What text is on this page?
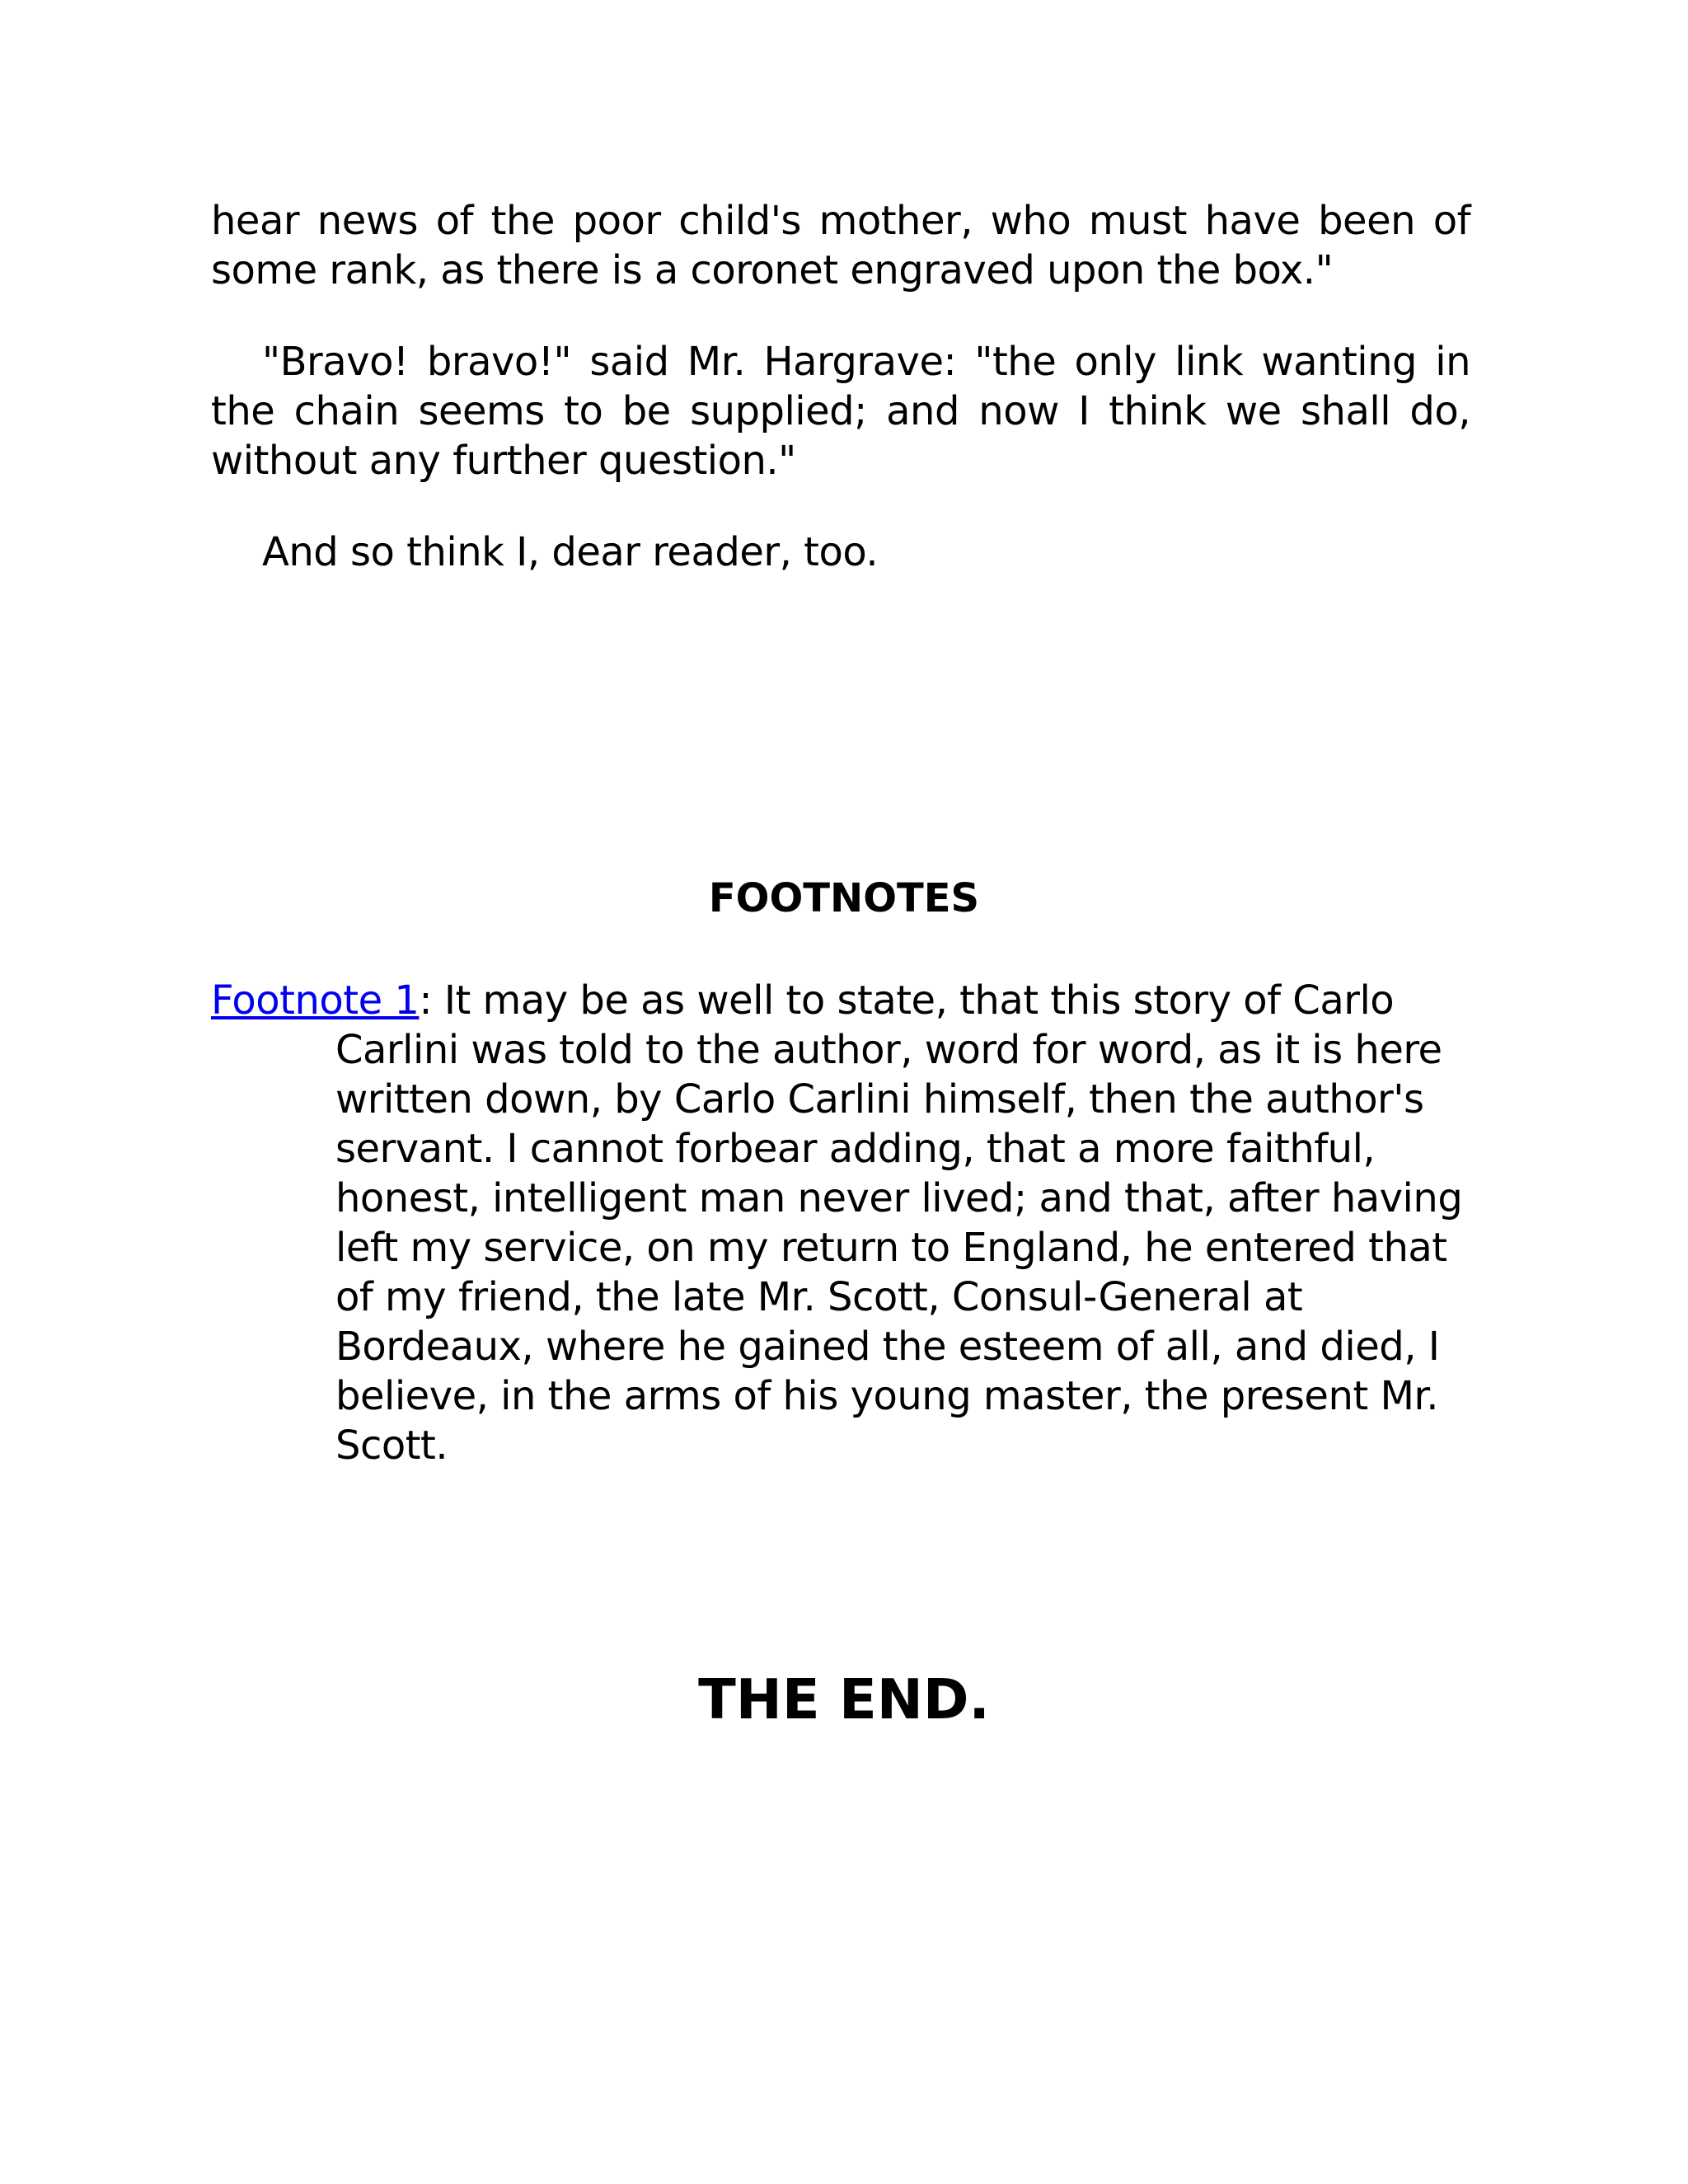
hear news of the poor child's mother, who must have been of some rank, as there is a coronet engraved upon the box."

"Bravo! bravo!" said Mr. Hargrave: "the only link wanting in the chain seems to be supplied; and now I think we shall do, without any further question."

And so think I, dear reader, too.

FOOTNOTES

Footnote 1: It may be as well to state, that this story of Carlo Carlini was told to the author, word for word, as it is here written down, by Carlo Carlini himself, then the author's servant. I cannot forbear adding, that a more faithful, honest, intelligent man never lived; and that, after having left my service, on my return to England, he entered that of my friend, the late Mr. Scott, Consul-General at Bordeaux, where he gained the esteem of all, and died, I believe, in the arms of his young master, the present Mr. Scott.

THE END.
